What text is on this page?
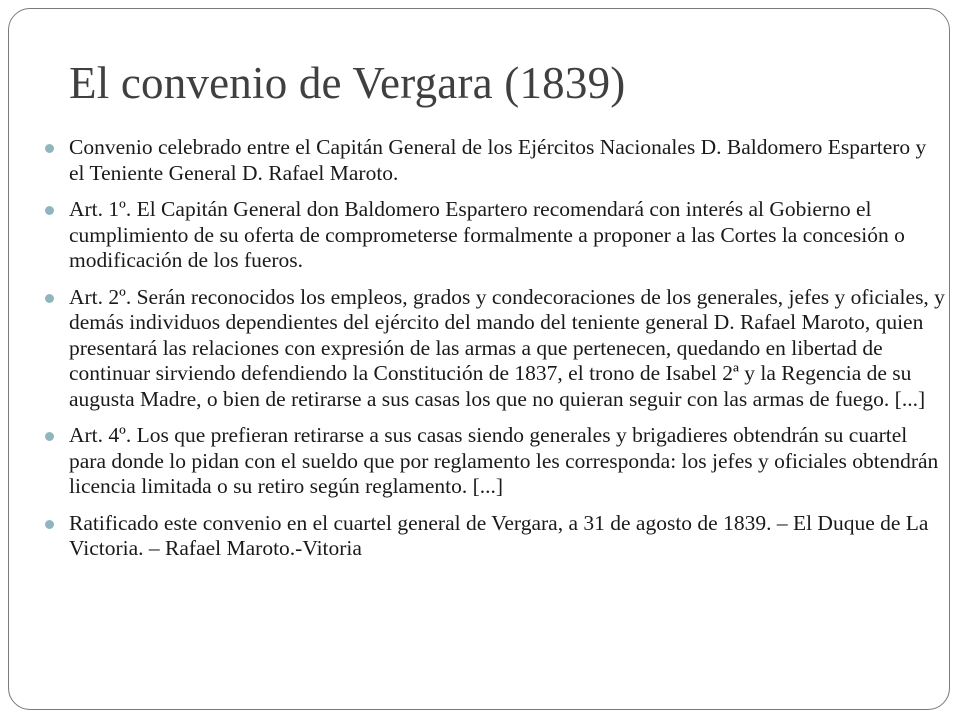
El convenio de Vergara (1839)
Convenio celebrado entre el Capitán General de los Ejércitos Nacionales D. Baldomero Espartero y el Teniente General D. Rafael Maroto.
Art. 1º. El Capitán General don Baldomero Espartero recomendará con interés al Gobierno el cumplimiento de su oferta de comprometerse formalmente a proponer a las Cortes la concesión o modificación de los fueros.
Art. 2º. Serán reconocidos los empleos, grados y condecoraciones de los generales, jefes y oficiales, y demás individuos dependientes del ejército del mando del teniente general D. Rafael Maroto, quien presentará las relaciones con expresión de las armas a que pertenecen, quedando en libertad de continuar sirviendo defendiendo la Constitución de 1837, el trono de Isabel 2ª y la Regencia de su augusta Madre, o bien de retirarse a sus casas los que no quieran seguir con las armas de fuego. [...]
Art. 4º. Los que prefieran retirarse a sus casas siendo generales y brigadieres obtendrán su cuartel para donde lo pidan con el sueldo que por reglamento les corresponda: los jefes y oficiales obtendrán licencia limitada o su retiro según reglamento. [...]
Ratificado este convenio en el cuartel general de Vergara, a 31 de agosto de 1839. – El Duque de La Victoria. – Rafael Maroto.-Vitoria
